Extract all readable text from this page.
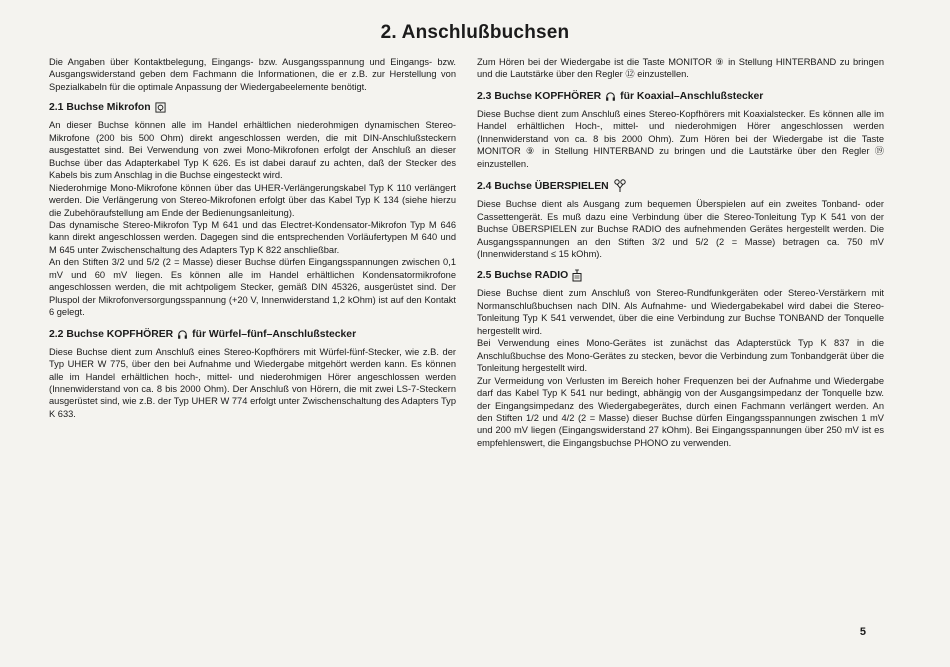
2. Anschlußbuchsen

Die Angaben über Kontaktbelegung, Eingangs- bzw. Ausgangsspannung und Eingangs- bzw. Ausgangswiderstand geben dem Fachmann die Informationen, die er z.B. zur Herstellung von Spezialkabeln für die optimale Anpassung der Wiedergabeelemente benötigt.

2.1 Buchse Mikrofon

An dieser Buchse können alle im Handel erhältlichen niederohmigen dynamischen Stereo-Mikrofone (200 bis 500 Ohm) direkt angeschlossen werden, die mit DIN-Anschlußsteckern ausgestattet sind. Bei Verwendung von zwei Mono-Mikrofonen erfolgt der Anschluß an dieser Buchse über das Adapterkabel Typ K 626. Es ist dabei darauf zu achten, daß der Stecker des Kabels bis zum Anschlag in die Buchse eingesteckt wird.

Niederohmige Mono-Mikrofone können über das UHER-Verlängerungskabel Typ K 110 verlängert werden. Die Verlängerung von Stereo-Mikrofonen erfolgt über das Kabel Typ K 134 (siehe hierzu die Zubehöraufstellung am Ende der Bedienungsanleitung).

Das dynamische Stereo-Mikrofon Typ M 641 und das Electret-Kondensator-Mikrofon Typ M 646 kann direkt angeschlossen werden. Dagegen sind die entsprechenden Vorläufertypen M 640 und M 645 unter Zwischenschaltung des Adapters Typ K 822 anschließbar.

An den Stiften 3/2 und 5/2 (2 = Masse) dieser Buchse dürfen Eingangsspannungen zwischen 0,1 mV und 60 mV liegen. Es können alle im Handel erhältlichen Kondensatormikrofone angeschlossen werden, die mit achtpoligem Stecker, gemäß DIN 45326, ausgerüstet sind. Der Pluspol der Mikrofonversorgungsspannung (+20 V, Innenwiderstand 1,2 kOhm) ist auf den Kontakt 6 gelegt.

2.2 Buchse KOPFHÖRER für Würfel–fünf–Anschlußstecker

Diese Buchse dient zum Anschluß eines Stereo-Kopfhörers mit Würfel-fünf-Stecker, wie z.B. der Typ UHER W 775, über den bei Aufnahme und Wiedergabe mitgehört werden kann. Es können alle im Handel erhältlichen hoch-, mittel- und niederohmigen Hörer angeschlossen werden (Innenwiderstand von ca. 8 bis 2000 Ohm). Der Anschluß von Hörern, die mit zwei LS-7-Steckern ausgerüstet sind, wie z.B. der Typ UHER W 774 erfolgt unter Zwischenschaltung des Adapters Typ K 633.

Zum Hören bei der Wiedergabe ist die Taste MONITOR ⑨ in Stellung HINTERBAND zu bringen und die Lautstärke über den Regler ⑫ einzustellen.

2.3 Buchse KOPFHÖRER für Koaxial–Anschlußstecker

Diese Buchse dient zum Anschluß eines Stereo-Kopfhörers mit Koaxialstecker. Es können alle im Handel erhältlichen Hoch-, mittel- und niederohmigen Hörer angeschlossen werden (Innenwiderstand von ca. 8 bis 2000 Ohm). Zum Hören bei der Wiedergabe ist die Taste MONITOR ⑨ in Stellung HINTERBAND zu bringen und die Lautstärke über den Regler ⑲ einzustellen.

2.4 Buchse ÜBERSPIELEN

Diese Buchse dient als Ausgang zum bequemen Überspielen auf ein zweites Tonband- oder Cassettengerät. Es muß dazu eine Verbindung über die Stereo-Tonleitung Typ K 541 von der Buchse ÜBERSPIELEN zur Buchse RADIO des aufnehmenden Gerätes hergestellt werden. Die Ausgangsspannungen an den Stiften 3/2 und 5/2 (2 = Masse) betragen ca. 750 mV (Innenwiderstand ≤ 15 kOhm).

2.5 Buchse RADIO

Diese Buchse dient zum Anschluß von Stereo-Rundfunkgeräten oder Stereo-Verstärkern mit Normanschlußbuchsen nach DIN. Als Aufnahme- und Wiedergabekabel wird dabei die Stereo-Tonleitung Typ K 541 verwendet, über die eine Verbindung zur Buchse TONBAND der Tonquelle hergestellt wird.

Bei Verwendung eines Mono-Gerätes ist zunächst das Adapterstück Typ K 837 in die Anschlußbuchse des Mono-Gerätes zu stecken, bevor die Verbindung zum Tonbandgerät über die Tonleitung hergestellt wird.

Zur Vermeidung von Verlusten im Bereich hoher Frequenzen bei der Aufnahme und Wiedergabe darf das Kabel Typ K 541 nur bedingt, abhängig von der Ausgangsimpedanz der Tonquelle bzw. der Eingangsimpedanz des Wiedergabegerätes, durch einen Fachmann verlängert werden. An den Stiften 1/2 und 4/2 (2 = Masse) dieser Buchse dürfen Eingangsspannungen zwischen 1 mV und 200 mV liegen (Eingangswiderstand 27 kOhm). Bei Eingangsspannungen über 250 mV ist es empfehlenswert, die Eingangsbuchse PHONO zu verwenden.

5
